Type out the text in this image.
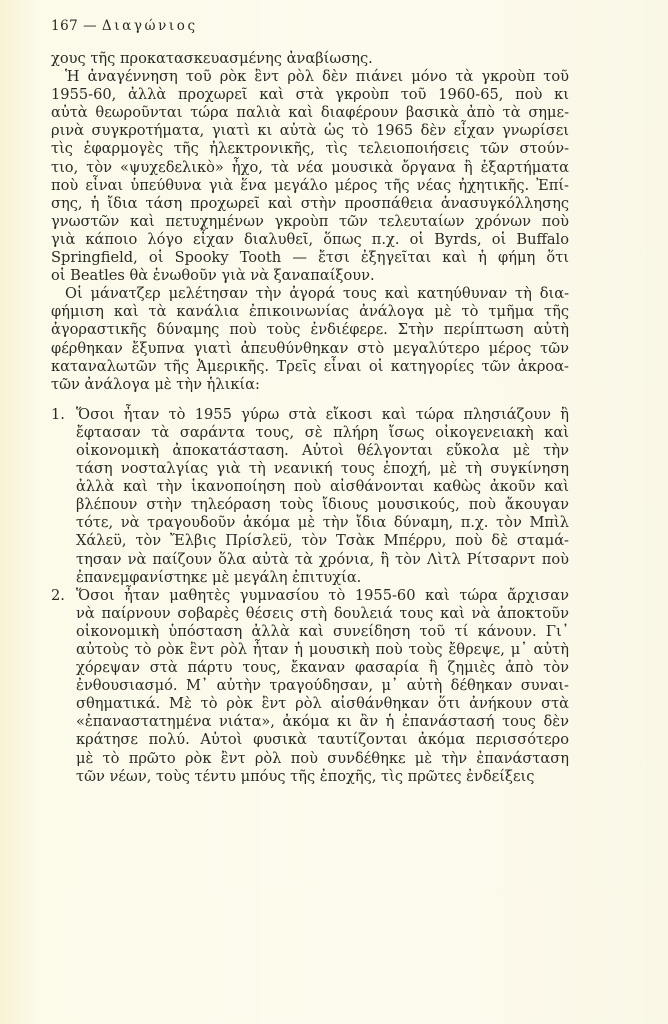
167 — Διαγώνιος

χους τῆς προκατασκευασμένης ἀναβίωσης.

Ἡ ἀναγέννηση τοῦ ρὸκ ἒντ ρὸλ δὲν πιάνει μόνο τὰ γκροὺπ τοῦ
1955-60, ἀλλὰ προχωρεῖ καὶ στὰ γκροὺπ τοῦ 1960-65, ποὺ κι
αὐτὰ θεωροῦνται τώρα παλιὰ καὶ διαφέρουν βασικὰ ἀπὸ τὰ σημε-
ρινὰ συγκροτήματα, γιατὶ κι αὐτὰ ὡς τὸ 1965 δὲν εἶχαν γνωρίσει
τὶς ἐφαρμογὲς τῆς ἠλεκτρονικῆς, τὶς τελειοποιήσεις τῶν στούν-
τιο, τὸν «ψυχεδελικὸ» ἦχο, τὰ νέα μουσικὰ ὄργανα ἢ ἐξαρτήματα
ποὺ εἶναι ὑπεύθυνα γιὰ ἕνα μεγάλο μέρος τῆς νέας ἠχητικῆς. Ἐπί-
σης, ἡ ἴδια τάση προχωρεῖ καὶ στὴν προσπάθεια ἀνασυγκόλλησης
γνωστῶν καὶ πετυχημένων γκροὺπ τῶν τελευταίων χρόνων ποὺ
γιὰ κάποιο λόγο εἶχαν διαλυθεῖ, ὅπως π.χ. οἱ Byrds, οἱ Buffalo
Springfield, οἱ Spooky Tooth — ἔτσι ἐξηγεῖται καὶ ἡ φήμη ὅτι
οἱ Beatles θὰ ἑνωθοῦν γιὰ νὰ ξαναπαίξουν.

Οἱ μάνατζερ μελέτησαν τὴν ἀγορά τους καὶ κατηύθυναν τὴ δια-
φήμιση καὶ τὰ κανάλια ἐπικοινωνίας ἀνάλογα μὲ τὸ τμῆμα τῆς
ἀγοραστικῆς δύναμης ποὺ τοὺς ἐνδιέφερε. Στὴν περίπτωση αὐτὴ
φέρθηκαν ἔξυπνα γιατὶ ἀπευθύνθηκαν στὸ μεγαλύτερο μέρος τῶν
καταναλωτῶν τῆς Ἀμερικῆς. Τρεῖς εἶναι οἱ κατηγορίες τῶν ἀκροα-
τῶν ἀνάλογα μὲ τὴν ἡλικία:

1. Ὅσοι ἦταν τὸ 1955 γύρω στὰ εἴκοσι καὶ τώρα πλησιάζουν ἢ
ἔφτασαν τὰ σαράντα τους, σὲ πλήρη ἴσως οἰκογενειακὴ καὶ
οἰκονομικὴ ἀποκατάσταση. Αὐτοὶ θέλγονται εὔκολα μὲ τὴν
τάση νοσταλγίας γιὰ τὴ νεανική τους ἐποχή, μὲ τὴ συγκίνηση
ἀλλὰ καὶ τὴν ἱκανοποίηση ποὺ αἰσθάνονται καθὼς ἀκοῦν καὶ
βλέπουν στὴν τηλεόραση τοὺς ἴδιους μουσικούς, ποὺ ἄκουγαν
τότε, νὰ τραγουδοῦν ἀκόμα μὲ τὴν ἴδια δύναμη, π.χ. τὸν Μπὶλ
Χάλεϋ, τὸν Ἔλβις Πρίσλεϋ, τὸν Τσὰκ Μπέρρυ, ποὺ δὲ σταμά-
τησαν νὰ παίζουν ὅλα αὐτὰ τὰ χρόνια, ἢ τὸν Λὶτλ Ρίτσαρντ ποὺ
ἐπανεμφανίστηκε μὲ μεγάλη ἐπιτυχία.
2. Ὅσοι ἦταν μαθητὲς γυμνασίου τὸ 1955-60 καὶ τώρα ἄρχισαν
νὰ παίρνουν σοβαρὲς θέσεις στὴ δουλειά τους καὶ νὰ ἀποκτοῦν
οἰκονομικὴ ὑπόσταση ἀλλὰ καὶ συνείδηση τοῦ τί κάνουν. Γι᾽
αὐτοὺς τὸ ρὸκ ἒντ ρὸλ ἦταν ἡ μουσικὴ ποὺ τοὺς ἔθρεψε, μ᾽ αὐτὴ
χόρεψαν στὰ πάρτυ τους, ἔκαναν φασαρία ἢ ζημιὲς ἀπὸ τὸν
ἐνθουσιασμό. Μ᾽ αὐτὴν τραγούδησαν, μ᾽ αὐτὴ δέθηκαν συναι-
σθηματικά. Μὲ τὸ ρὸκ ἒντ ρὸλ αἰσθάνθηκαν ὅτι ἀνήκουν στὰ
«ἐπαναστατημένα νιάτα», ἀκόμα κι ἂν ἡ ἐπανάστασή τους δὲν
κράτησε πολύ. Αὐτοὶ φυσικὰ ταυτίζονται ἀκόμα περισσότερο
μὲ τὸ πρῶτο ρὸκ ἒντ ρὸλ ποὺ συνδέθηκε μὲ τὴν ἐπανάσταση
τῶν νέων, τοὺς τέντυ μπόυς τῆς ἐποχῆς, τὶς πρῶτες ἐνδείξεις
